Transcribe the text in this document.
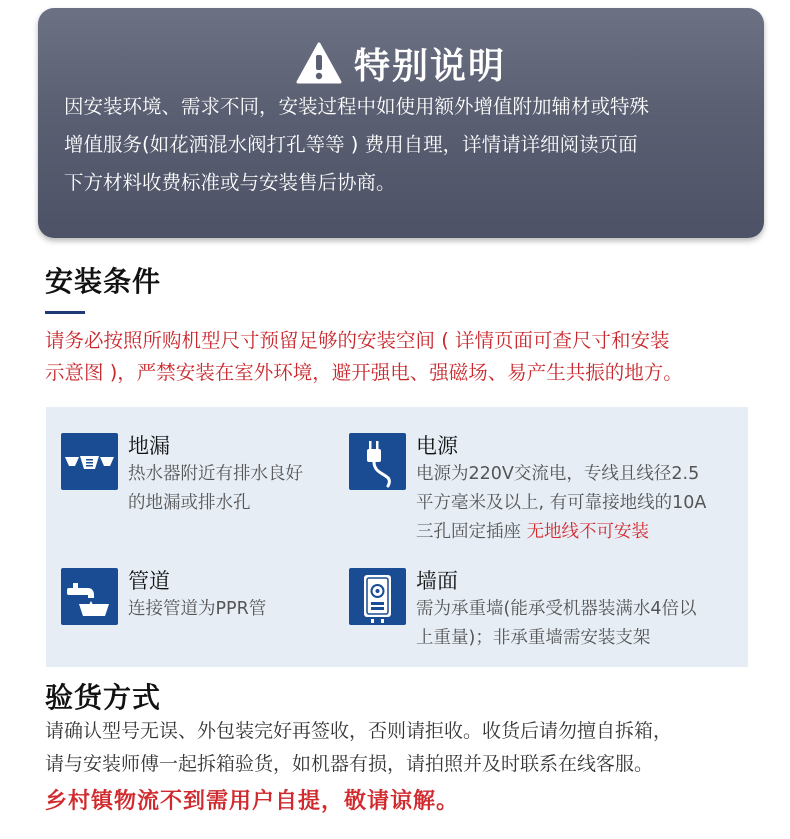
特别说明
因安装环境、需求不同，安装过程中如使用额外增值附加辅材或特殊
增值服务(如花洒混水阀打孔等等 ) 费用自理，详情请详细阅读页面
下方材料收费标准或与安装售后协商。
安装条件
请务必按照所购机型尺寸预留足够的安装空间 ( 详情页面可查尺寸和安装
示意图 )，严禁安装在室外环境，避开强电、强磁场、易产生共振的地方。
地漏
热水器附近有排水良好
的地漏或排水孔
电源
电源为220V交流电，专线且线径2.5
平方毫米及以上, 有可靠接地线的10A
三孔固定插座 无地线不可安装
管道
连接管道为PPR管
墙面
需为承重墙(能承受机器装满水4倍以
上重量)；非承重墙需安装支架
验货方式
请确认型号无误、外包装完好再签收，否则请拒收。收货后请勿擅自拆箱，
请与安装师傅一起拆箱验货，如机器有损，请拍照并及时联系在线客服。
乡村镇物流不到需用户自提，敬请谅解。
